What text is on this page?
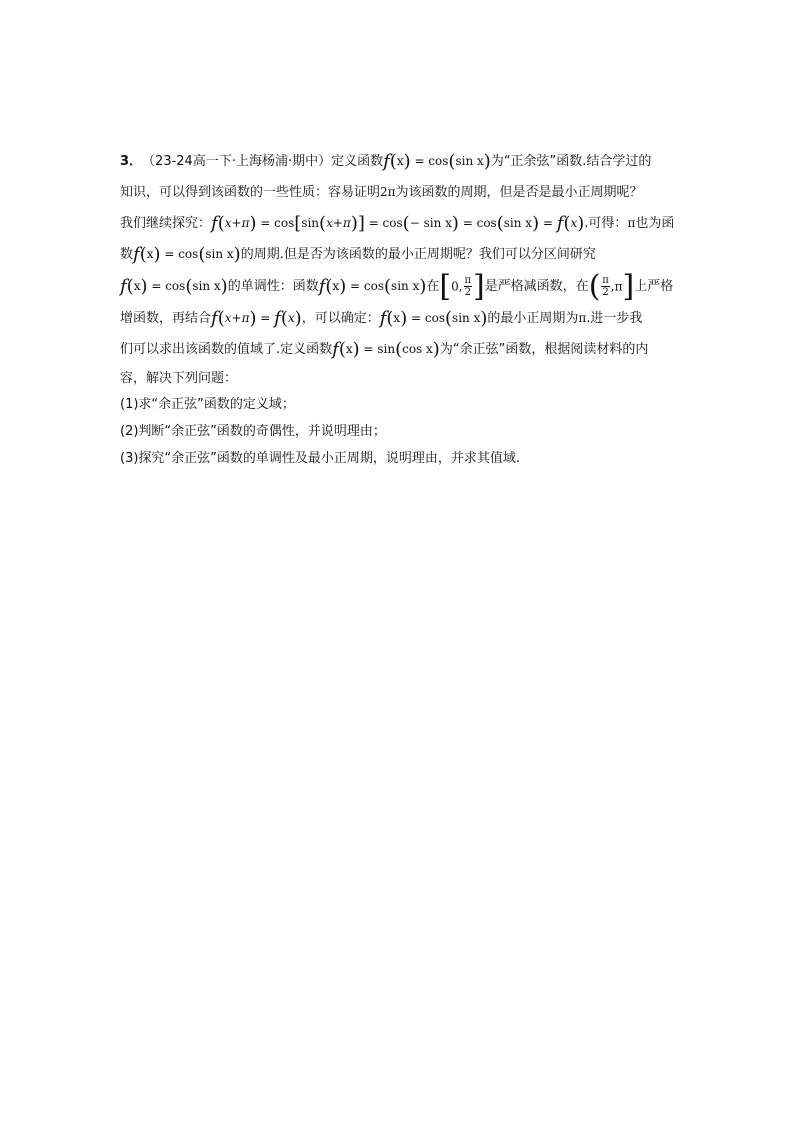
3． （23-24高一下·上海杨浦·期中） 定义函数 f(x) = cos(sin x) 为 “正余弦” 函数.结合学过的
知识，可以得到该函数的一些性质：容易证明 2π 为该函数的周期，但是否是最小正周期呢？
我们继续探究： f(x+π) = cos[sin(x+π)] = cos(− sin x) = cos(sin x) = f(x) .可得： π 也为函
数 f(x) = cos(sin x) 的周期.但是否为该函数的最小正周期呢？我们可以分区间研究
f(x) = cos(sin x) 的单调性：函数 f(x) = cos(sin x) 在 [0, $\frac{\pi}{2}$ ] 是严格减函数，在 ( $\frac{\pi}{2} ,\pi$] 上严格
增函数，再结合 f(x+π) = f(x) ，可以确定： f(x) = cos(sin x) 的最小正周期为 π .进一步我
们可以求出该函数的值域了.定义函数 f(x) = sin(cos x) 为 “余正弦” 函数，根据阅读材料的内
容，解决下列问题：
(1)求“余正弦”函数的定义域；
(2)判断“余正弦”函数的奇偶性，并说明理由；
(3)探究“余正弦”函数的单调性及最小正周期，说明理由，并求其值域.
